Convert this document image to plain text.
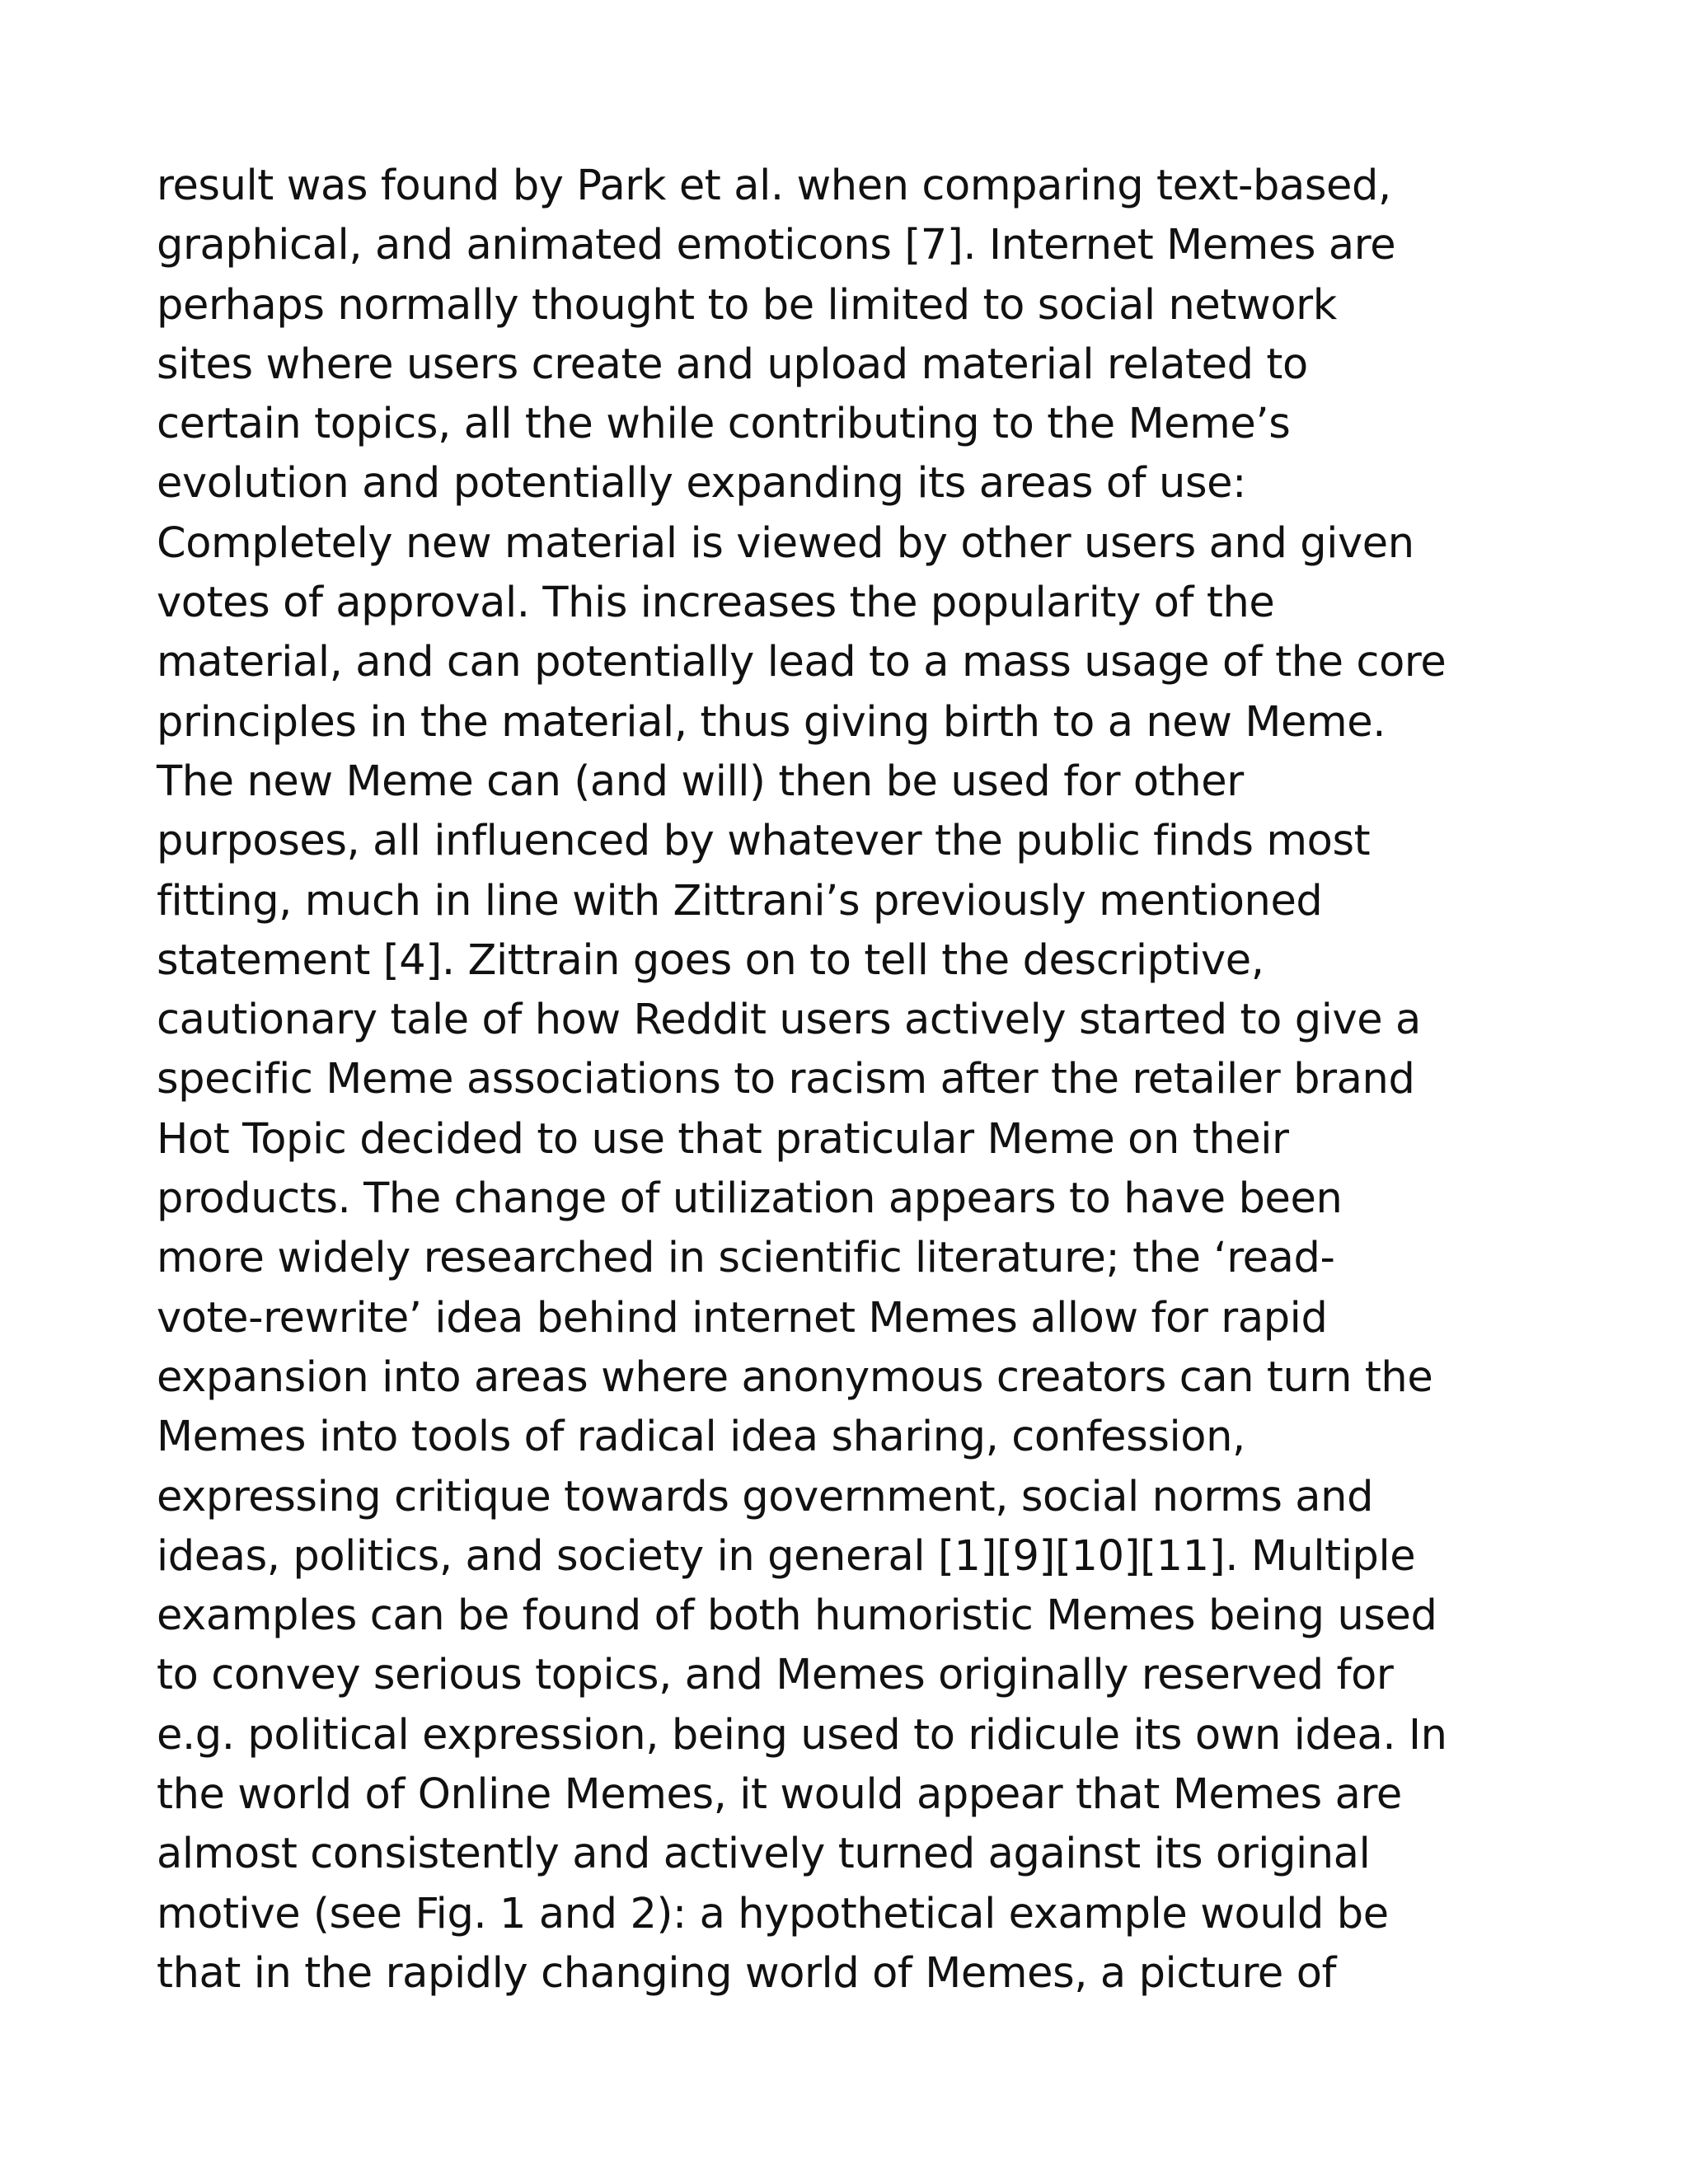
result was found by Park et al. when comparing text-based,
graphical, and animated emoticons [7]. Internet Memes are
perhaps normally thought to be limited to social network
sites where users create and upload material related to
certain topics, all the while contributing to the Meme’s
evolution and potentially expanding its areas of use:
Completely new material is viewed by other users and given
votes of approval. This increases the popularity of the
material, and can potentially lead to a mass usage of the core
principles in the material, thus giving birth to a new Meme.
The new Meme can (and will) then be used for other
purposes, all influenced by whatever the public finds most
fitting, much in line with Zittrani’s previously mentioned
statement [4]. Zittrain goes on to tell the descriptive,
cautionary tale of how Reddit users actively started to give a
specific Meme associations to racism after the retailer brand
Hot Topic decided to use that praticular Meme on their
products. The change of utilization appears to have been
more widely researched in scientific literature; the ‘read-
vote-rewrite’ idea behind internet Memes allow for rapid
expansion into areas where anonymous creators can turn the
Memes into tools of radical idea sharing, confession,
expressing critique towards government, social norms and
ideas, politics, and society in general [1][9][10][11]. Multiple
examples can be found of both humoristic Memes being used
to convey serious topics, and Memes originally reserved for
e.g. political expression, being used to ridicule its own idea. In
the world of Online Memes, it would appear that Memes are
almost consistently and actively turned against its original
motive (see Fig. 1 and 2): a hypothetical example would be
that in the rapidly changing world of Memes, a picture of
